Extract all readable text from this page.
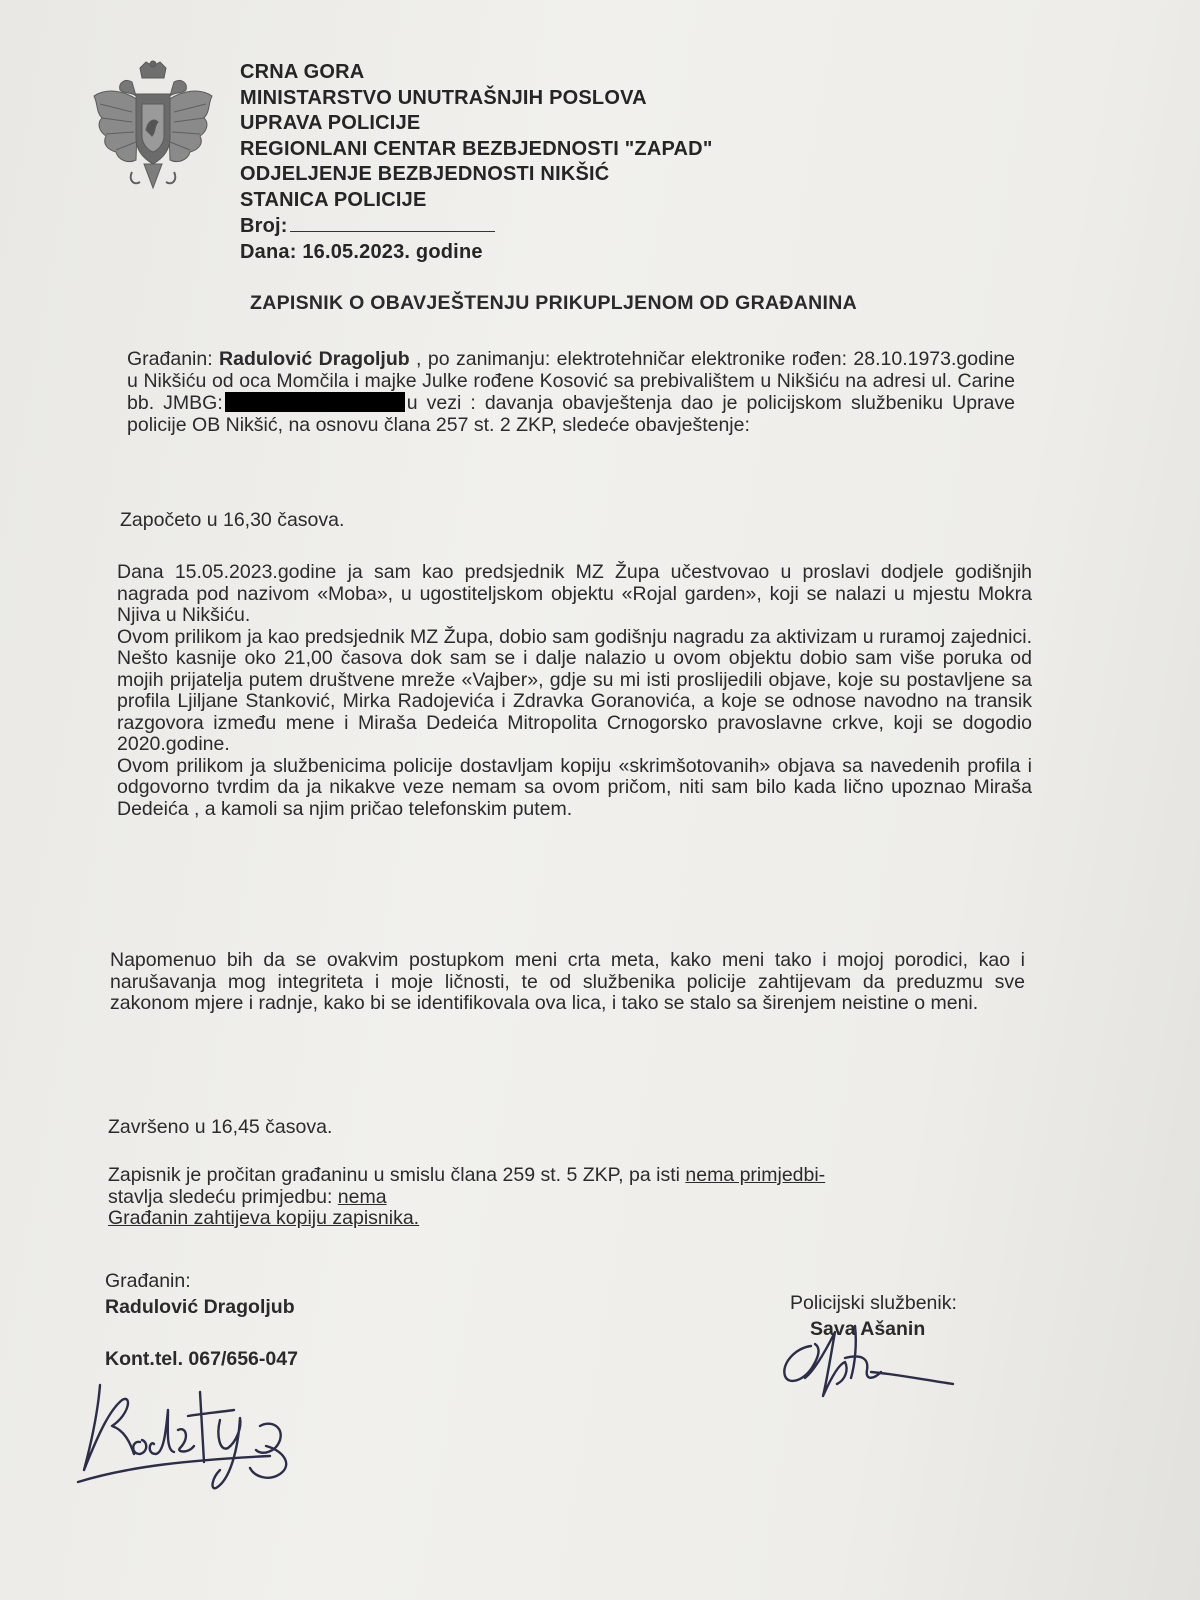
CRNA GORA
MINISTARSTVO UNUTRAŠNJIH POSLOVA
UPRAVA POLICIJE
REGIONLANI CENTAR BEZBJEDNOSTI "ZAPAD"
ODJELJENJE BEZBJEDNOSTI NIKŠIĆ
STANICA POLICIJE
Broj:
Dana: 16.05.2023. godine
ZAPISNIK O OBAVJEŠTENJU PRIKUPLJENOM OD GRAĐANINA
Građanin: Radulović Dragoljub , po zanimanju: elektrotehničar elektronike rođen: 28.10.1973.godine u Nikšiću od oca Momčila i majke Julke rođene Kosović sa prebivalištem u Nikšiću na adresi ul. Carine bb. JMBG:	u vezi : davanja obavještenja dao je policijskom službeniku Uprave policije OB Nikšić, na osnovu člana 257 st. 2 ZKP, sledeće obavještenje:
Započeto u 16,30 časova.
Dana 15.05.2023.godine ja sam kao predsjednik MZ Župa učestvovao u proslavi dodjele godišnjih nagrada pod nazivom «Moba», u ugostiteljskom objektu «Rojal garden», koji se nalazi u mjestu Mokra Njiva u Nikšiću.
Ovom prilikom ja kao predsjednik MZ Župa, dobio sam godišnju nagradu za aktivizam u ruramoj zajednici. Nešto kasnije oko 21,00 časova dok sam se i dalje nalazio u ovom objektu dobio sam više poruka od mojih prijatelja putem društvene mreže «Vajber», gdje su mi isti proslijedili objave, koje su postavljene sa profila Ljiljane Stanković, Mirka Radojevića i Zdravka Goranovića, a koje se odnose navodno na transik razgovora između mene i Miraša Dedeića Mitropolita Crnogorsko pravoslavne crkve, koji se dogodio 2020.godine.
Ovom prilikom ja službenicima policije dostavljam kopiju «skrimšotovanih» objava sa navedenih profila i odgovorno tvrdim da ja nikakve veze nemam sa ovom pričom, niti sam bilo kada lično upoznao Miraša Dedeića , a kamoli sa njim pričao telefonskim putem.
Napomenuo bih da se ovakvim postupkom meni crta meta, kako meni tako i mojoj porodici, kao i narušavanja mog integriteta i moje ličnosti, te od službenika policije zahtijevam da preduzmu sve zakonom mjere i radnje, kako bi se identifikovala ova lica, i tako se stalo sa širenjem neistine o meni.
Završeno u 16,45 časova.
Zapisnik je pročitan građaninu u smislu člana 259 st. 5 ZKP, pa isti nema primjedbi-
stavlja sledeću primjedbu: nema
Građanin zahtijeva kopiju zapisnika.
Građanin:
Radulović Dragoljub
Kont.tel. 067/656-047
Policijski službenik:
Sava Ašanin
